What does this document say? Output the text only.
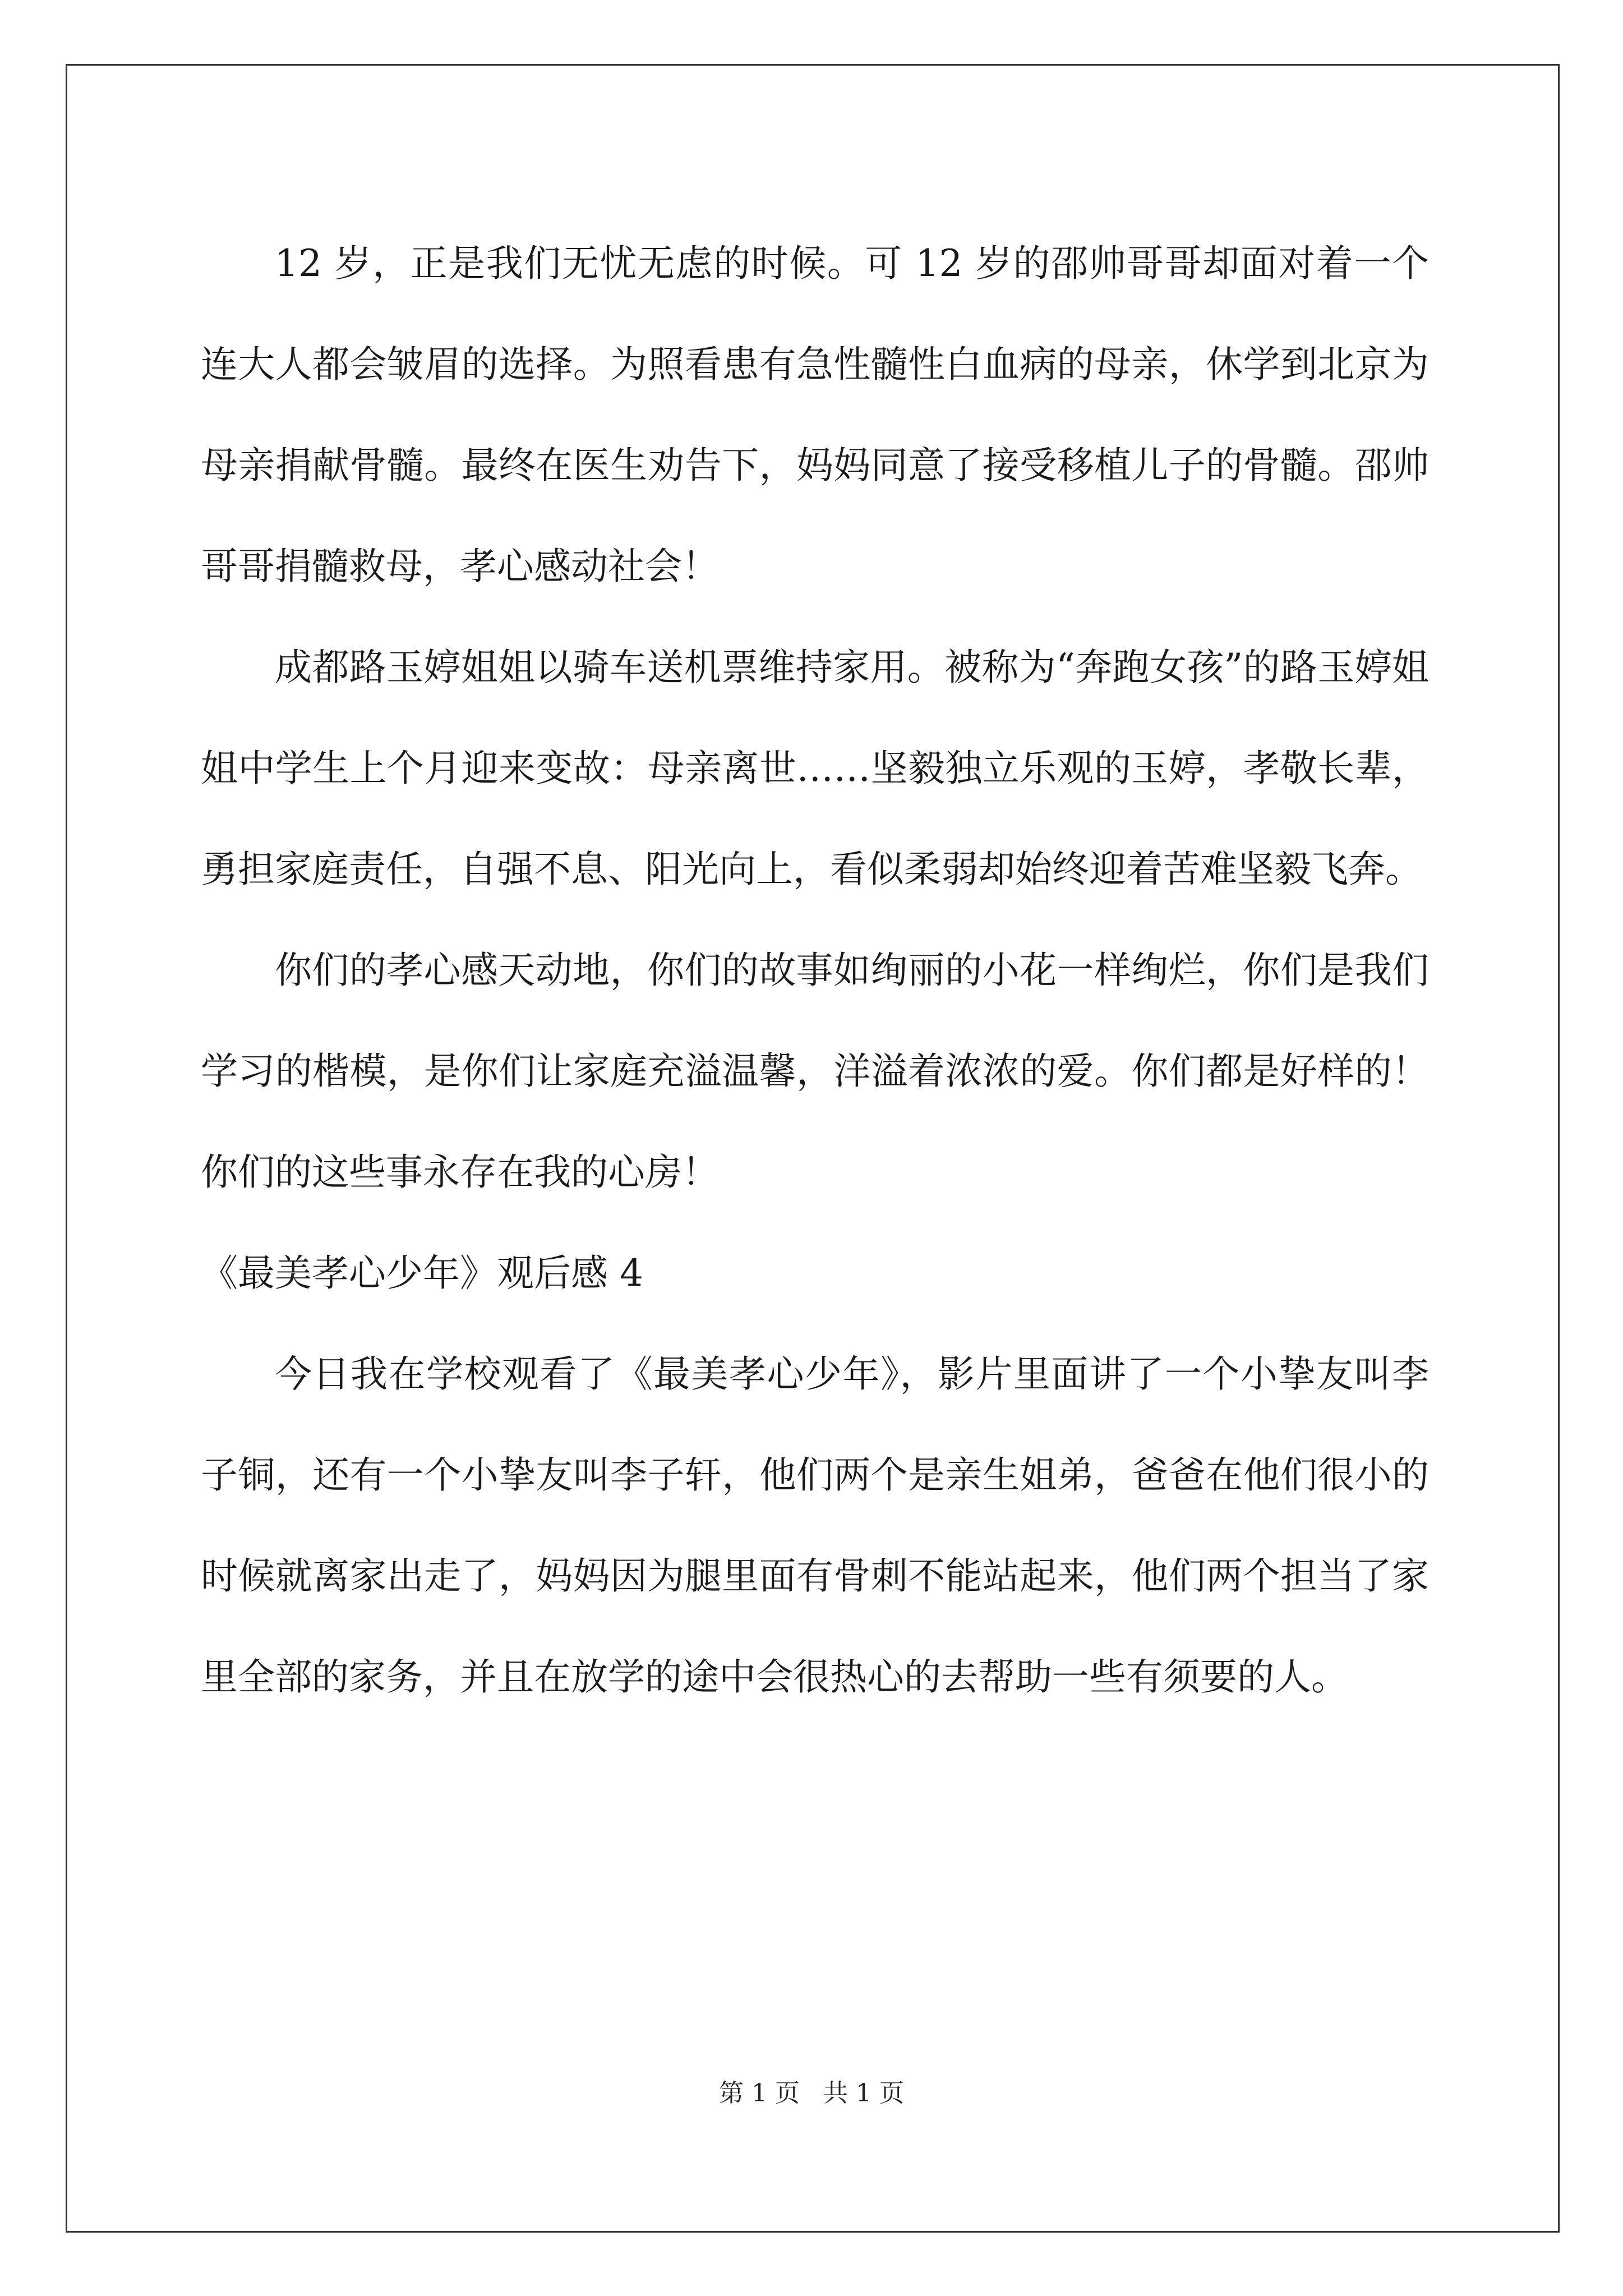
12 岁，正是我们无忧无虑的时候。可 12 岁的邵帅哥哥却面对着一个连大人都会皱眉的选择。为照看患有急性髓性白血病的母亲，休学到北京为母亲捐献骨髓。最终在医生劝告下，妈妈同意了接受移植儿子的骨髓。邵帅哥哥捐髓救母，孝心感动社会！

成都路玉婷姐姐以骑车送机票维持家用。被称为“奔跑女孩”的路玉婷姐姐中学生上个月迎来变故：母亲离世……坚毅独立乐观的玉婷，孝敬长辈，勇担家庭责任，自强不息、阳光向上，看似柔弱却始终迎着苦难坚毅飞奔。

你们的孝心感天动地，你们的故事如绚丽的小花一样绚烂，你们是我们学习的楷模，是你们让家庭充溢温馨，洋溢着浓浓的爱。你们都是好样的！你们的这些事永存在我的心房！

《最美孝心少年》观后感 4

今日我在学校观看了《最美孝心少年》，影片里面讲了一个小挚友叫李子铜，还有一个小挚友叫李子轩，他们两个是亲生姐弟，爸爸在他们很小的时候就离家出走了，妈妈因为腿里面有骨刺不能站起来，他们两个担当了家里全部的家务，并且在放学的途中会很热心的去帮助一些有须要的人。

第 1 页   共 1 页
